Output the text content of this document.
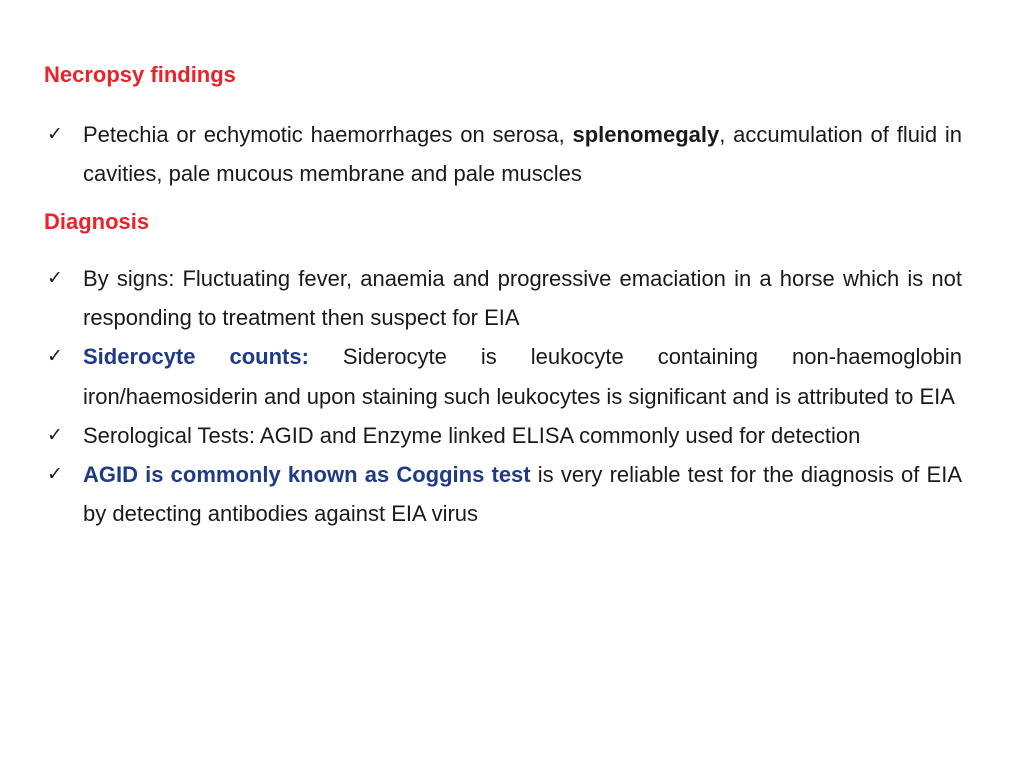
Necropsy findings
✓ Petechia or echymotic haemorrhages on serosa, splenomegaly, accumulation of fluid in cavities, pale mucous membrane and pale muscles
Diagnosis
✓ By signs: Fluctuating fever, anaemia and progressive emaciation in a horse which is not responding to treatment then suspect for EIA
✓ Siderocyte counts: Siderocyte is leukocyte containing non-haemoglobin iron/haemosiderin and upon staining such leukocytes is significant and is attributed to EIA
✓ Serological Tests: AGID and Enzyme linked ELISA commonly used for detection
✓ AGID is commonly known as Coggins test is very reliable test for the diagnosis of EIA by detecting antibodies against EIA virus
